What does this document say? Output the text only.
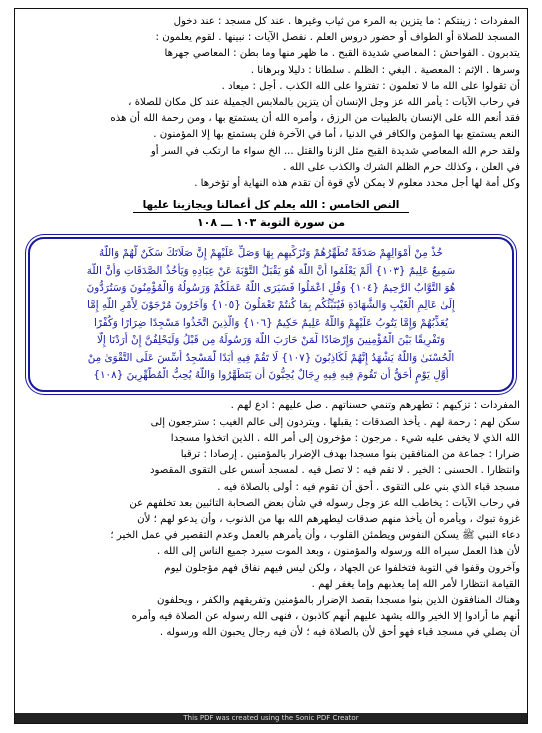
المفردات : زينتكم : ما يتزين به المرء من ثياب وغيرها . عند كل مسجد : عند دخول
المسجد للصلاة أو الطواف أو حضور دروس العلم . نفصل الآيات : نبينها . لقوم يعلمون :
يتدبرون . الفواحش : المعاصي شديدة القبح . ما ظهر منها وما بطن : المعاصي جهرها
وسرها . الإثم : المعصية . البغي : الظلم . سلطانا : دليلا وبرهانا .
أن تقولوا على الله ما لا تعلمون : تفتروا على الله الكذب . أجل : ميعاد .
في رحاب الآيات : يأمر الله عز وجل الإنسان أن يتزين بالملابس الجميلة عند كل مكان للصلاة ،
فقد أنعم الله على الإنسان بالطيبات من الرزق ، وأمره الله أن يستمتع بها ، ومن رحمة الله أن هذه
النعم يستمتع بها المؤمن والكافر في الدنيا ، أما في الآخرة فلن يستمتع بها إلا المؤمنون .
ولقد حرم الله المعاصي شديدة القبح مثل الزنا والقتل ... الخ سواء ما ارتكب في السر أو
في العلن ، وكذلك حرم الظلم الشرك والكذب على الله .
وكل أمة لها أجل محدد معلوم لا يمكن لأي قوة أن تقدم هذه النهاية أو تؤخرها .
النص الخامس : الله يعلم كل أعمالنا ويجازينا عليها
من سورة التوبة ١٠٣ ـــ ١٠٨
خُذْ مِنْ أَمْوَالِهِمْ صَدَقَةً تُطَهِّرُهُمْ وَتُزَكِّيهِم بِهَا وَصَلِّ عَلَيْهِمْ إِنَّ صَلَاتَكَ سَكَنٌ لَّهُمْ وَاللَّهُ
سَمِيعٌ عَلِيمٌ {١٠٣} أَلَمْ يَعْلَمُوا أَنَّ اللَّهَ هُوَ يَقْبَلُ التَّوْبَةَ عَنْ عِبَادِهِ وَيَأْخُذُ الصَّدَقَاتِ وَأَنَّ اللَّهَ
هُوَ التَّوَّابُ الرَّحِيمُ {١٠٤} وَقُلِ اعْمَلُوا فَسَيَرَى اللَّهُ عَمَلَكُمْ وَرَسُولُهُ وَالْمُؤْمِنُونَ وَسَتُرَدُّونَ
إِلَىٰ عَالِمِ الْغَيْبِ وَالشَّهَادَةِ فَيُنَبِّئُكُم بِمَا كُنتُمْ تَعْمَلُونَ {١٠٥} وَآخَرُونَ مُرْجَوْنَ لِأَمْرِ اللَّهِ إِمَّا
يُعَذِّبُهُمْ وَإِمَّا يَتُوبُ عَلَيْهِمْ وَاللَّهُ عَلِيمٌ حَكِيمٌ {١٠٦} وَالَّذِينَ اتَّخَذُوا مَسْجِدًا ضِرَارًا وَكُفْرًا
وَتَفْرِيقًا بَيْنَ الْمُؤْمِنِينَ وَإِرْصَادًا لِّمَنْ حَارَبَ اللَّهَ وَرَسُولَهُ مِن قَبْلُ وَلَيَحْلِفُنَّ إِنْ أَرَدْنَا إِلَّا
الْحُسْنَىٰ وَاللَّهُ يَشْهَدُ إِنَّهُمْ لَكَاذِبُونَ {١٠٧} لَا تَقُمْ فِيهِ أَبَدًا لَّمَسْجِدٌ أُسِّسَ عَلَى التَّقْوَىٰ مِنْ
أَوَّلِ يَوْمٍ أَحَقُّ أَن تَقُومَ فِيهِ فِيهِ رِجَالٌ يُحِبُّونَ أَن يَتَطَهَّرُوا وَاللَّهُ يُحِبُّ الْمُطَّهِّرِينَ {١٠٨}
المفردات : تزكيهم : تطهرهم وتنمي حسناتهم . صل عليهم : ادع لهم .
سكن لهم : رحمة لهم . يأخذ الصدقات : يقبلها . ويتردون إلى عالم الغيب : سترجعون إلى
الله الذي لا يخفى عليه شيء . مرجون : مؤخرون إلى أمر الله . الذين اتخذوا مسجدا
ضرارا : جماعة من المنافقين بنوا مسجدا بهدف الإضرار بالمؤمنين . إرصادا : ترقبا
وانتظارا . الحسنى : الخير . لا تقم فيه : لا تصل فيه . لمسجد أسس على التقوى المقصود
مسجد قباء الذي بني على التقوى . أحق أن تقوم فيه : أولى بالصلاة فيه .
في رحاب الآيات : يخاطب الله عز وجل رسوله في شأن بعض الصحابة التائبين بعد تخلفهم عن
غزوة تبوك ، ويأمره أن يأخذ منهم صدقات ليطهرهم الله بها من الذنوب ، وأن يدعو لهم ؛ لأن
دعاء النبي ﷺ يسكن النفوس ويطمئن القلوب ، وأن يأمرهم بالعمل وعدم التقصير في عمل الخير ؛
لأن هذا العمل سيراه الله ورسوله والمؤمنون ، وبعد الموت سيرد جميع الناس إلى الله .
وآخرون وقفوا في التوبة فتخلفوا عن الجهاد ، ولكن ليس فيهم نفاق فهم مؤجلون ليوم
القيامة انتظارا لأمر الله إما يعذبهم وإما يغفر لهم .
وهناك المنافقون الذين بنوا مسجدا بقصد الإضرار بالمؤمنين وتفريقهم والكفر ، ويحلفون
أنهم ما أرادوا إلا الخير والله يشهد عليهم أنهم كاذبون ، فنهى الله رسوله عن الصلاة فيه وأمره
أن يصلي في مسجد قباء فهو أحق لأن بالصلاة فيه ؛ لأن فيه رجال يحبون الله ورسوله .
This PDF was created using the Sonic PDF Creator
